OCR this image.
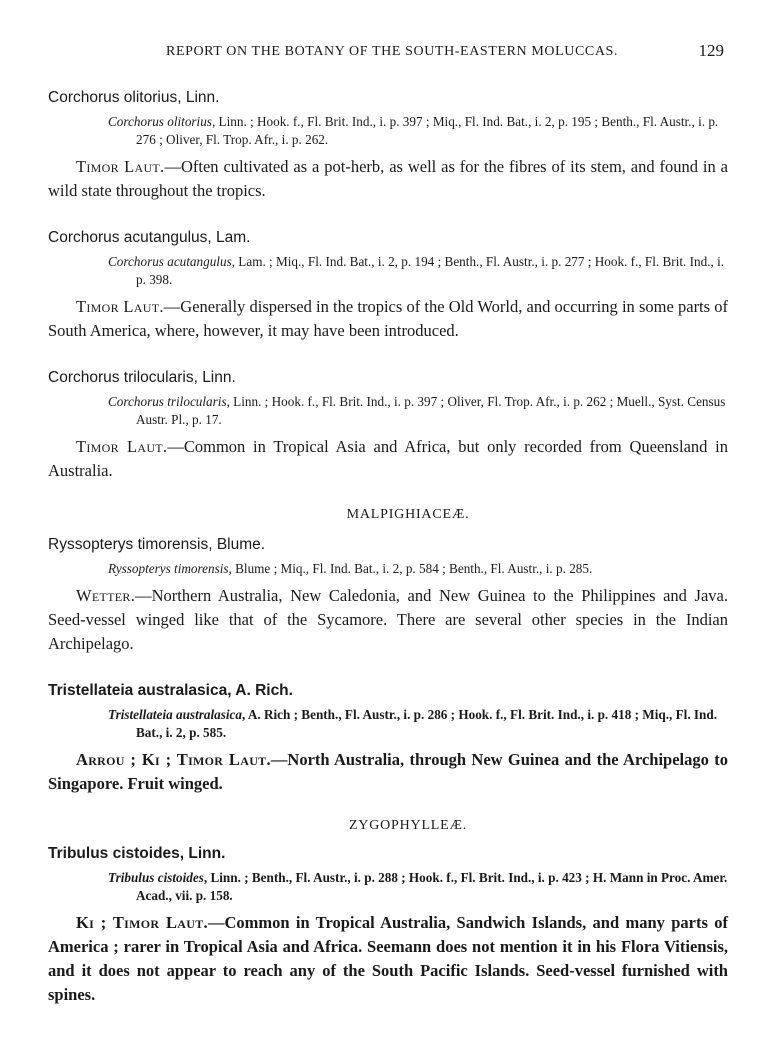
REPORT ON THE BOTANY OF THE SOUTH-EASTERN MOLUCCAS.	129

Corchorus olitorius, Linn.

Corchorus olitorius, Linn. ; Hook. f., Fl. Brit. Ind., i. p. 397 ; Miq., Fl. Ind. Bat., i. 2, p. 195 ; Benth., Fl. Austr., i. p. 276 ; Oliver, Fl. Trop. Afr., i. p. 262.

Timor Laut.—Often cultivated as a pot-herb, as well as for the fibres of its stem, and found in a wild state throughout the tropics.

Corchorus acutangulus, Lam.

Corchorus acutangulus, Lam. ; Miq., Fl. Ind. Bat., i. 2, p. 194 ; Benth., Fl. Austr., i. p. 277 ; Hook. f., Fl. Brit. Ind., i. p. 398.

Timor Laut.—Generally dispersed in the tropics of the Old World, and occurring in some parts of South America, where, however, it may have been introduced.

Corchorus trilocularis, Linn.

Corchorus trilocularis, Linn. ; Hook. f., Fl. Brit. Ind., i. p. 397 ; Oliver, Fl. Trop. Afr., i. p. 262 ; Muell., Syst. Census Austr. Pl., p. 17.

Timor Laut.—Common in Tropical Asia and Africa, but only recorded from Queensland in Australia.

MALPIGHIACEÆ.

Ryssopterys timorensis, Blume.

Ryssopterys timorensis, Blume ; Miq., Fl. Ind. Bat., i. 2, p. 584 ; Benth., Fl. Austr., i. p. 285.

Wetter.—Northern Australia, New Caledonia, and New Guinea to the Philippines and Java. Seed-vessel winged like that of the Sycamore. There are several other species in the Indian Archipelago.

Tristellateia australasica, A. Rich.

Tristellateia australasica, A. Rich ; Benth., Fl. Austr., i. p. 286 ; Hook. f., Fl. Brit. Ind., i. p. 418 ; Miq., Fl. Ind. Bat., i. 2, p. 585.

Arrou ; Ki ; Timor Laut.—North Australia, through New Guinea and the Archipelago to Singapore. Fruit winged.

ZYGOPHYLLEÆ.

Tribulus cistoides, Linn.

Tribulus cistoides, Linn. ; Benth., Fl. Austr., i. p. 288 ; Hook. f., Fl. Brit. Ind., i. p. 423 ; H. Mann in Proc. Amer. Acad., vii. p. 158.

Ki ; Timor Laut.—Common in Tropical Australia, Sandwich Islands, and many parts of America ; rarer in Tropical Asia and Africa. Seemann does not mention it in his Flora Vitiensis, and it does not appear to reach any of the South Pacific Islands. Seed-vessel furnished with spines.
